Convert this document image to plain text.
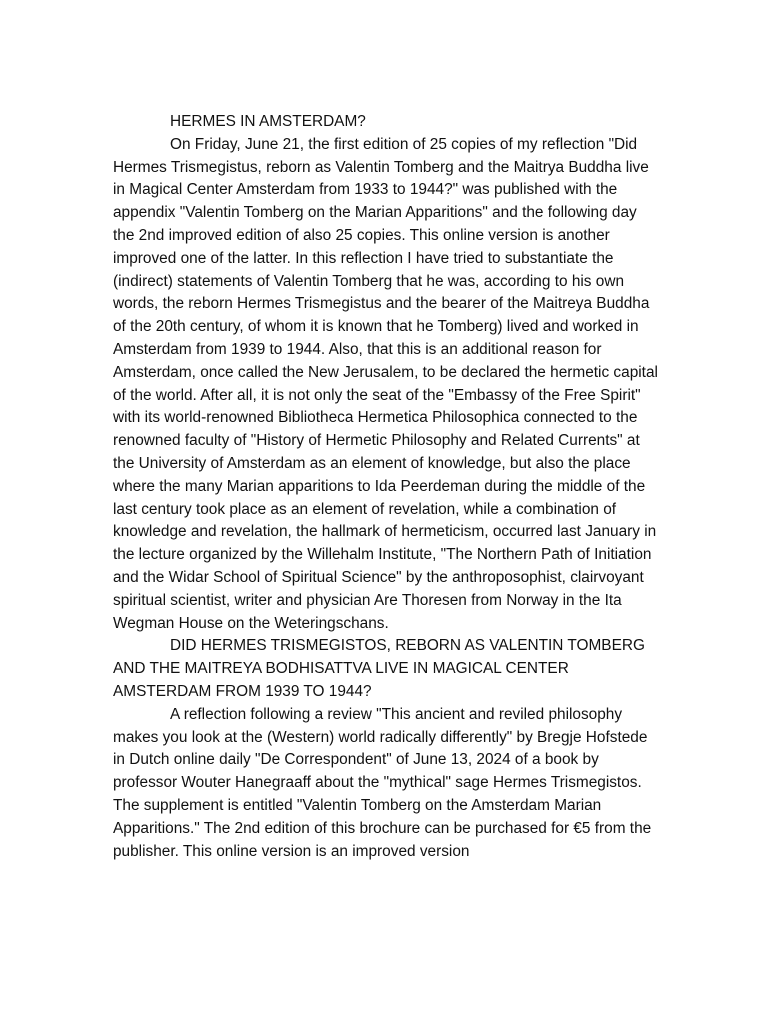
HERMES IN AMSTERDAM?

On Friday, June 21, the first edition of 25 copies of my reflection "Did Hermes Trismegistus, reborn as Valentin Tomberg and the Maitrya Buddha live in Magical Center Amsterdam from 1933 to 1944?" was published with the appendix "Valentin Tomberg on the Marian Apparitions" and the following day the 2nd improved edition of also 25 copies. This online version is another improved one of the latter. In this reflection I have tried to substantiate the (indirect) statements of Valentin Tomberg that he was, according to his own words, the reborn Hermes Trismegistus and the bearer of the Maitreya Buddha of the 20th century, of whom it is known that he Tomberg) lived and worked in Amsterdam from 1939 to 1944. Also, that this is an additional reason for Amsterdam, once called the New Jerusalem, to be declared the hermetic capital of the world. After all, it is not only the seat of the "Embassy of the Free Spirit" with its world-renowned Bibliotheca Hermetica Philosophica connected to the renowned faculty of "History of Hermetic Philosophy and Related Currents" at the University of Amsterdam as an element of knowledge, but also the place where the many Marian apparitions to Ida Peerdeman during the middle of the last century took place as an element of revelation, while a combination of knowledge and revelation, the hallmark of hermeticism, occurred last January in the lecture organized by the Willehalm Institute, "The Northern Path of Initiation and the Widar School of Spiritual Science" by the anthroposophist, clairvoyant spiritual scientist, writer and physician Are Thoresen from Norway in the Ita Wegman House on the Weteringschans.

DID HERMES TRISMEGISTOS, REBORN AS VALENTIN TOMBERG AND THE MAITREYA BODHISATTVA LIVE IN MAGICAL CENTER AMSTERDAM FROM 1939 TO 1944?

A reflection following a review "This ancient and reviled philosophy makes you look at the (Western) world radically differently" by Bregje Hofstede in Dutch online daily "De Correspondent" of June 13, 2024 of a book by professor Wouter Hanegraaff about the "mythical" sage Hermes Trismegistos. The supplement is entitled "Valentin Tomberg on the Amsterdam Marian Apparitions." The 2nd edition of this brochure can be purchased for €5 from the publisher. This online version is an improved version
